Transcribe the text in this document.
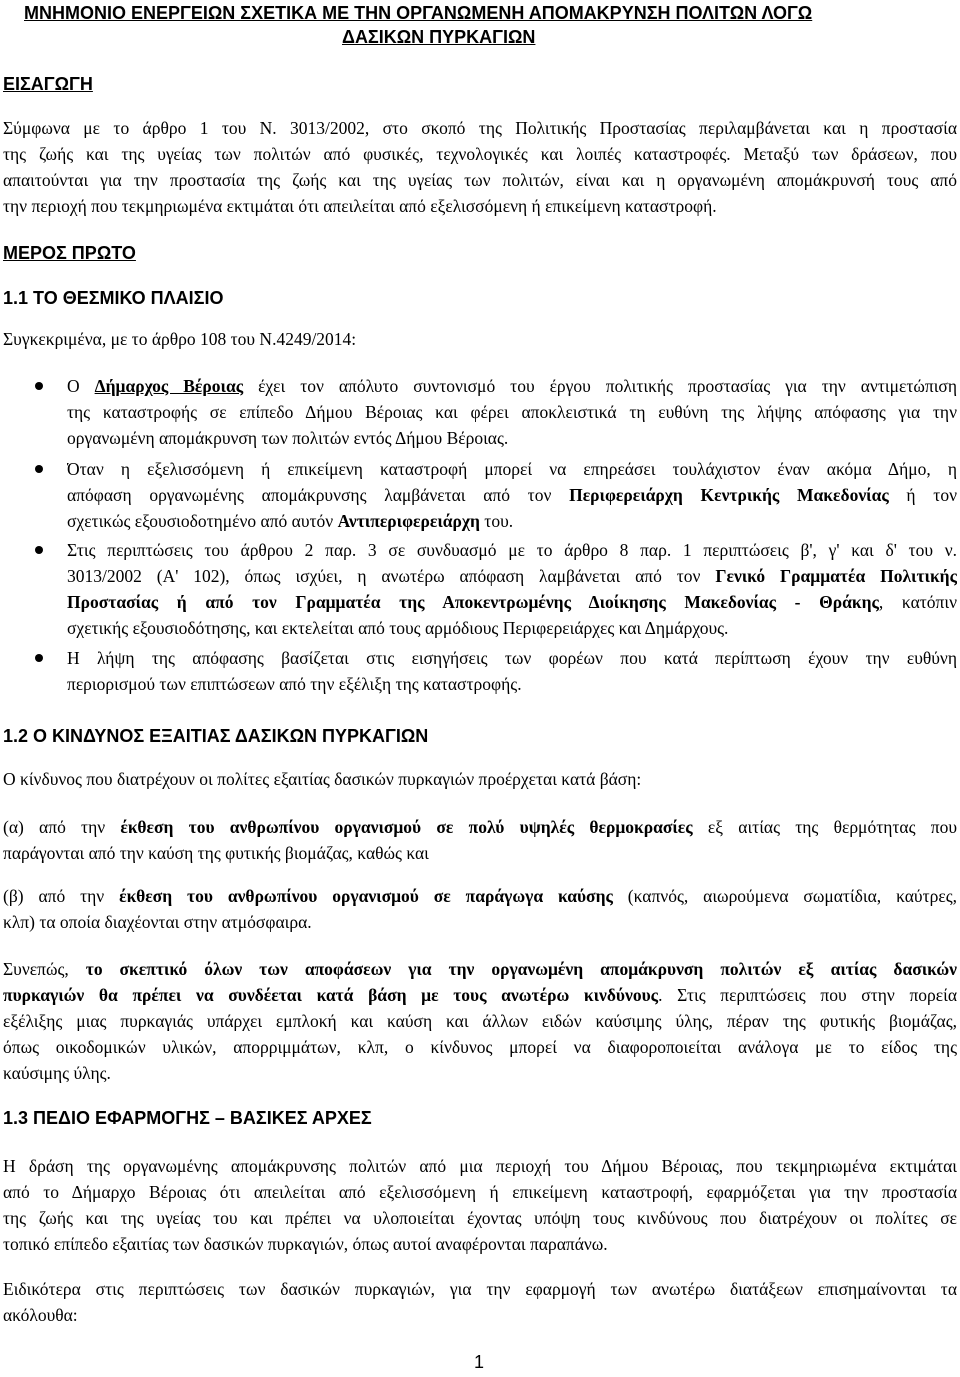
ΜΝΗΜΟΝΙΟ ΕΝΕΡΓΕΙΩΝ ΣΧΕΤΙΚΑ ΜΕ ΤΗΝ ΟΡΓΑΝΩΜΕΝΗ ΑΠΟΜΑΚΡΥΝΣΗ ΠΟΛΙΤΩΝ ΛΟΓΩ
ΔΑΣΙΚΩΝ ΠΥΡΚΑΓΙΩΝ
ΕΙΣΑΓΩΓΗ
Σύμφωνα με το άρθρο 1 του Ν. 3013/2002, στο σκοπό της Πολιτικής Προστασίας περιλαμβάνεται και η προστασία
της ζωής και της υγείας των πολιτών από φυσικές, τεχνολογικές και λοιπές καταστροφές. Μεταξύ των δράσεων, που
απαιτούνται για την προστασία της ζωής και της υγείας των πολιτών, είναι και η οργανωμένη απομάκρυνσή τους από
την περιοχή που τεκμηριωμένα εκτιμάται ότι απειλείται από εξελισσόμενη ή επικείμενη καταστροφή.
ΜΕΡΟΣ ΠΡΩΤΟ
1.1 ΤΟ ΘΕΣΜΙΚΟ ΠΛΑΙΣΙΟ
Συγκεκριμένα, με το άρθρο 108 του Ν.4249/2014:
Ο Δήμαρχος Βέροιας έχει τον απόλυτο συντονισμό του έργου πολιτικής προστασίας για την αντιμετώπιση
της καταστροφής σε επίπεδο Δήμου Βέροιας και φέρει αποκλειστικά τη ευθύνη της λήψης απόφασης για την
οργανωμένη απομάκρυνση των πολιτών εντός Δήμου Βέροιας.
Όταν η εξελισσόμενη ή επικείμενη καταστροφή μπορεί να επηρεάσει τουλάχιστον έναν ακόμα Δήμο, η
απόφαση οργανωμένης απομάκρυνσης λαμβάνεται από τον Περιφερειάρχη Κεντρικής Μακεδονίας ή τον
σχετικώς εξουσιοδοτημένο από αυτόν Αντιπεριφερειάρχη του.
Στις περιπτώσεις του άρθρου 2 παρ. 3 σε συνδυασμό με το άρθρο 8 παρ. 1 περιπτώσεις β', γ' και δ' του ν.
3013/2002 (Α' 102), όπως ισχύει, η ανωτέρω απόφαση λαμβάνεται από τον Γενικό Γραμματέα Πολιτικής
Προστασίας ή από τον Γραμματέα της Αποκεντρωμένης Διοίκησης Μακεδονίας - Θράκης, κατόπιν
σχετικής εξουσιοδότησης, και εκτελείται από τους αρμόδιους Περιφερειάρχες και Δημάρχους.
Η λήψη της απόφασης βασίζεται στις εισηγήσεις των φορέων που κατά περίπτωση έχουν την ευθύνη
περιορισμού των επιπτώσεων από την εξέλιξη της καταστροφής.
1.2 Ο ΚΙΝΔΥΝΟΣ ΕΞΑΙΤΙΑΣ ΔΑΣΙΚΩΝ ΠΥΡΚΑΓΙΩΝ
Ο κίνδυνος που διατρέχουν οι πολίτες εξαιτίας δασικών πυρκαγιών προέρχεται κατά βάση:
(α) από την έκθεση του ανθρωπίνου οργανισμού σε πολύ υψηλές θερμοκρασίες εξ αιτίας της θερμότητας που
παράγονται από την καύση της φυτικής βιομάζας, καθώς και
(β) από την έκθεση του ανθρωπίνου οργανισμού σε παράγωγα καύσης (καπνός, αιωρούμενα σωματίδια, καύτρες,
κλπ) τα οποία διαχέονται στην ατμόσφαιρα.
Συνεπώς, το σκεπτικό όλων των αποφάσεων για την οργανωμένη απομάκρυνση πολιτών εξ αιτίας δασικών
πυρκαγιών θα πρέπει να συνδέεται κατά βάση με τους ανωτέρω κινδύνους. Στις περιπτώσεις που στην πορεία
εξέλιξης μιας πυρκαγιάς υπάρχει εμπλοκή και καύση και άλλων ειδών καύσιμης ύλης, πέραν της φυτικής βιομάζας,
όπως οικοδομικών υλικών, απορριμμάτων, κλπ, ο κίνδυνος μπορεί να διαφοροποιείται ανάλογα με το είδος της
καύσιμης ύλης.
1.3 ΠΕΔΙΟ ΕΦΑΡΜΟΓΗΣ – ΒΑΣΙΚΕΣ ΑΡΧΕΣ
Η δράση της οργανωμένης απομάκρυνσης πολιτών από μια περιοχή του Δήμου Βέροιας, που τεκμηριωμένα εκτιμάται
από το Δήμαρχο Βέροιας ότι απειλείται από εξελισσόμενη ή επικείμενη καταστροφή, εφαρμόζεται για την προστασία
της ζωής και της υγείας του και πρέπει να υλοποιείται έχοντας υπόψη τους κινδύνους που διατρέχουν οι πολίτες σε
τοπικό επίπεδο εξαιτίας των δασικών πυρκαγιών, όπως αυτοί αναφέρονται παραπάνω.
Ειδικότερα στις περιπτώσεις των δασικών πυρκαγιών, για την εφαρμογή των ανωτέρω διατάξεων επισημαίνονται τα
ακόλουθα:
1
